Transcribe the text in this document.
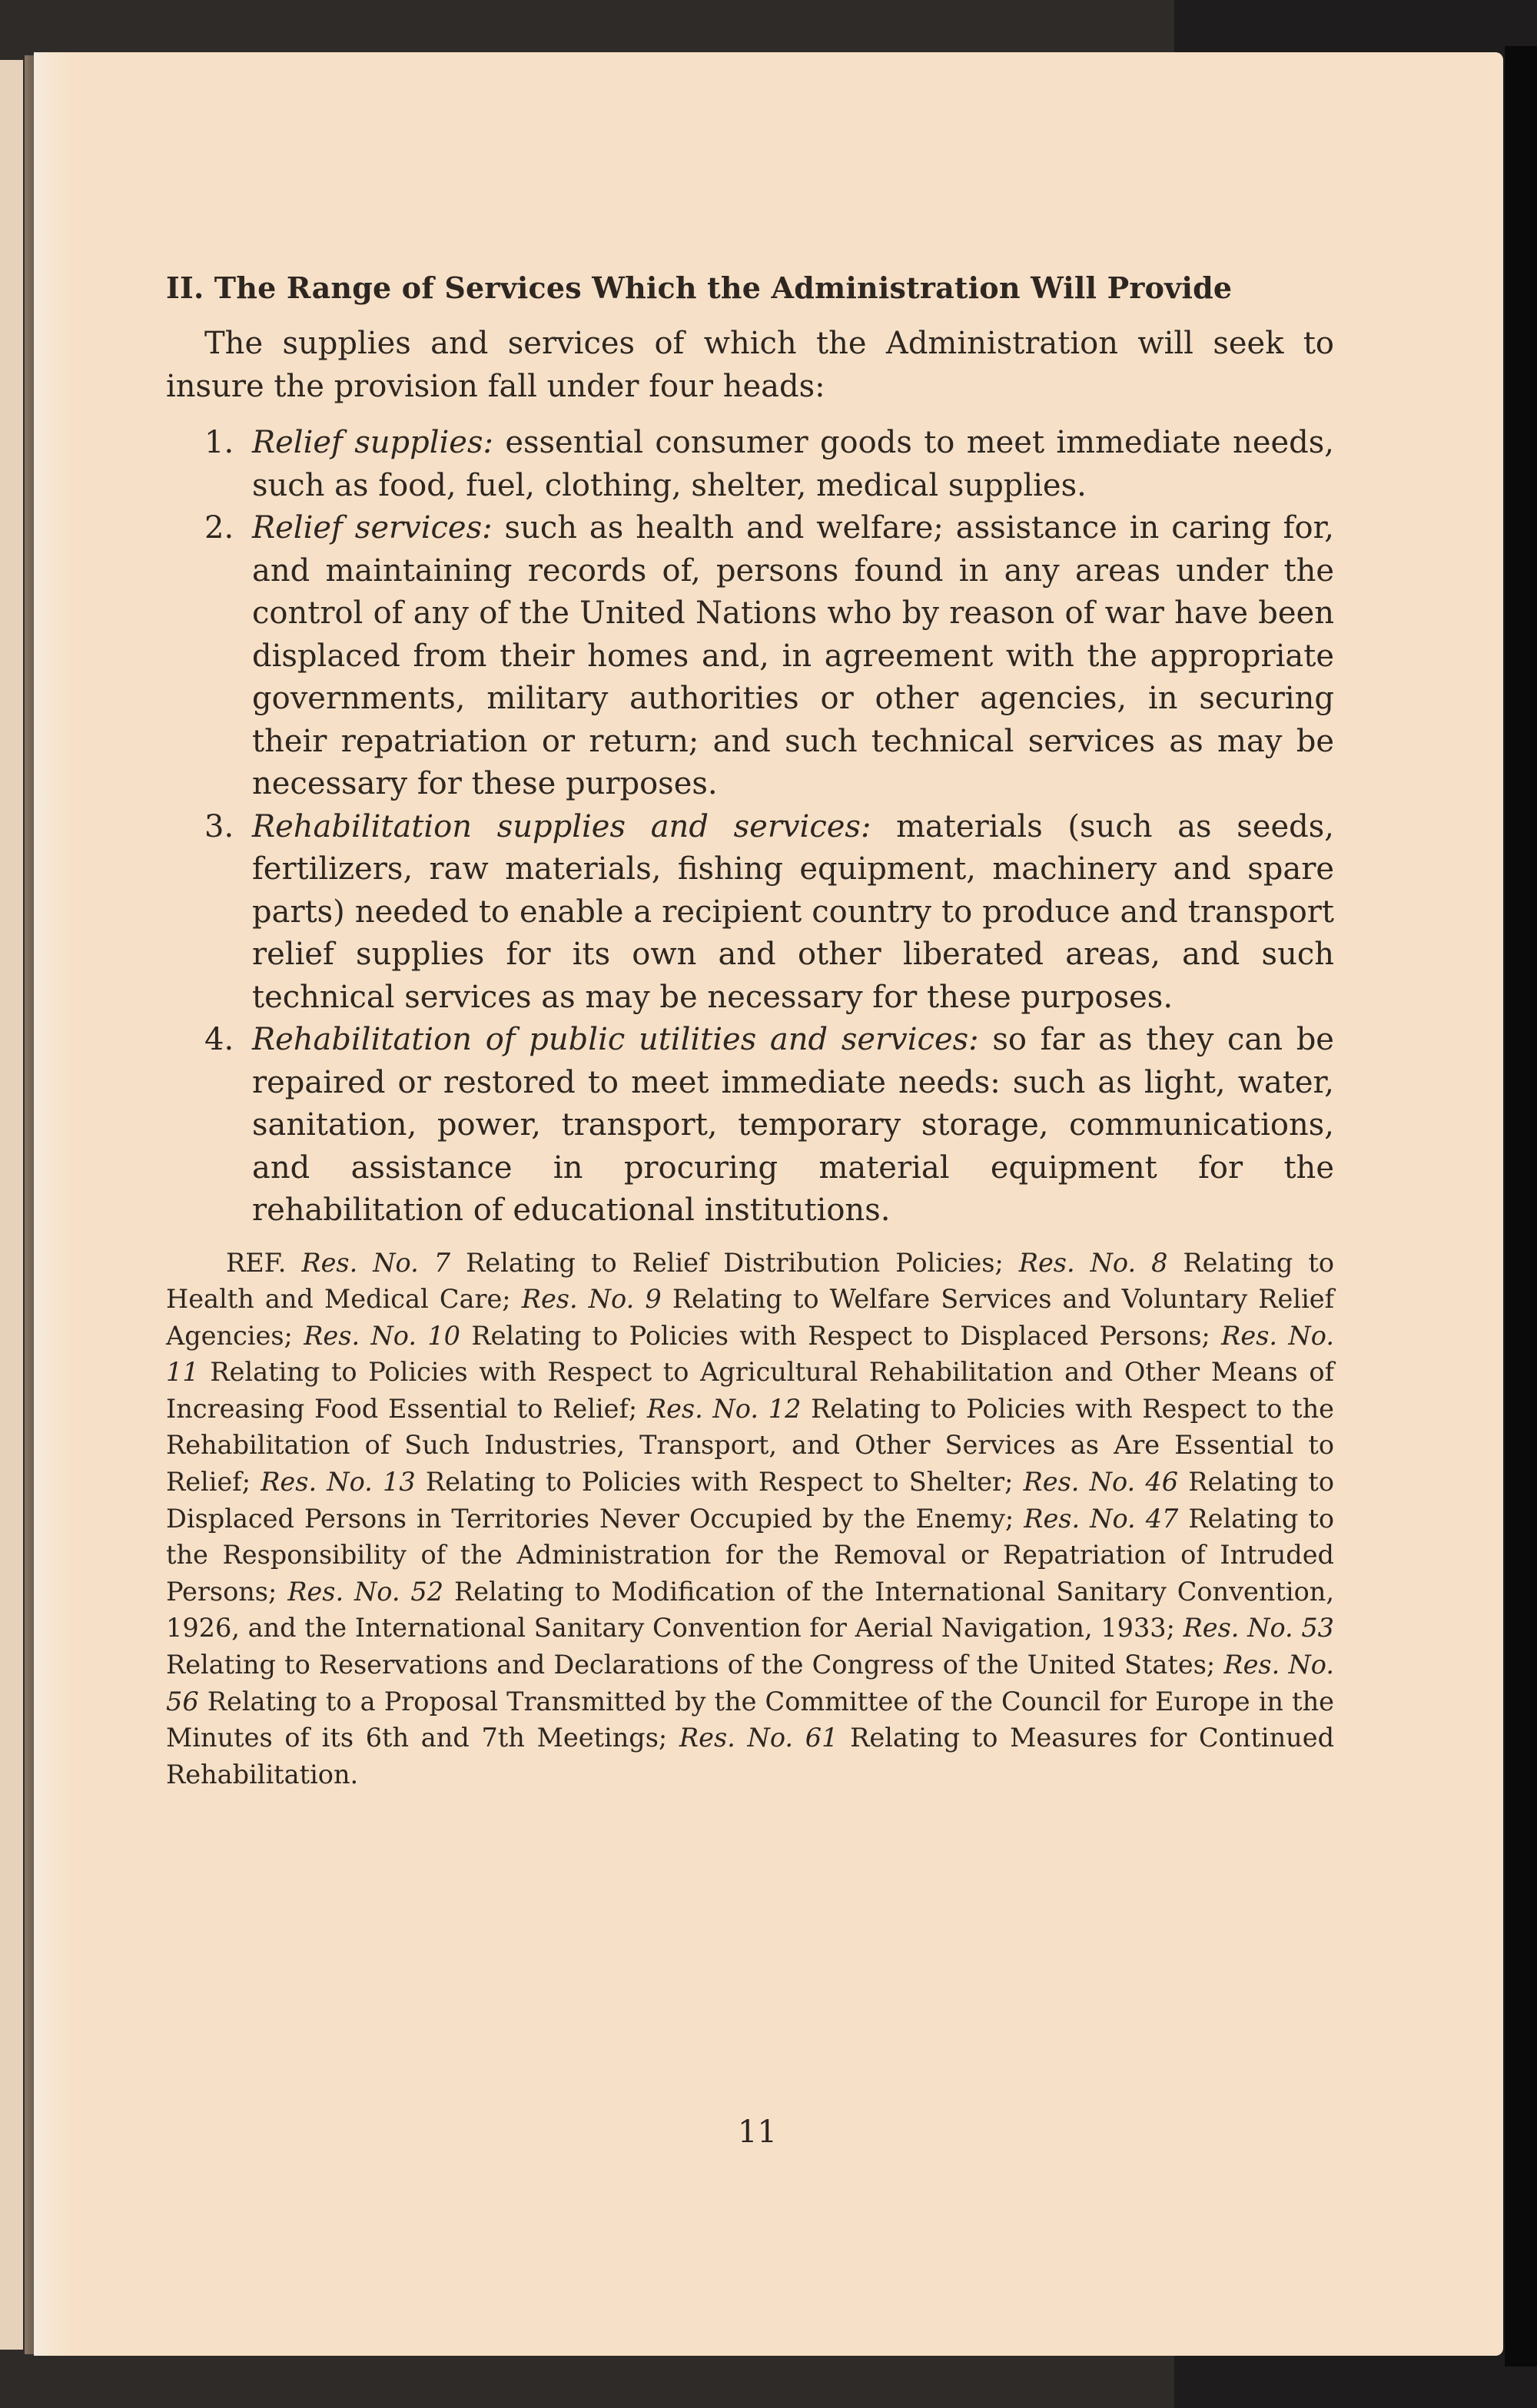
II. The Range of Services Which the Administration Will Provide

The supplies and services of which the Administration will seek to insure the provision fall under four heads:

1. Relief supplies: essential consumer goods to meet immediate needs, such as food, fuel, clothing, shelter, medical supplies.
2. Relief services: such as health and welfare; assistance in caring for, and maintaining records of, persons found in any areas under the control of any of the United Nations who by reason of war have been displaced from their homes and, in agreement with the appropriate governments, military authorities or other agencies, in securing their repatriation or return; and such technical services as may be necessary for these purposes.
3. Rehabilitation supplies and services: materials (such as seeds, fertilizers, raw materials, fishing equipment, machinery and spare parts) needed to enable a recipient country to produce and transport relief supplies for its own and other liberated areas, and such technical services as may be necessary for these purposes.
4. Rehabilitation of public utilities and services: so far as they can be repaired or restored to meet immediate needs: such as light, water, sanitation, power, transport, temporary storage, communications, and assistance in procuring material equipment for the rehabilitation of educational institutions.

REF. Res. No. 7 Relating to Relief Distribution Policies; Res. No. 8 Relating to Health and Medical Care; Res. No. 9 Relating to Welfare Services and Voluntary Relief Agencies; Res. No. 10 Relating to Policies with Respect to Displaced Persons; Res. No. 11 Relating to Policies with Respect to Agricultural Rehabilitation and Other Means of Increasing Food Essential to Relief; Res. No. 12 Relating to Policies with Respect to the Rehabilitation of Such Industries, Transport, and Other Services as Are Essential to Relief; Res. No. 13 Relating to Policies with Respect to Shelter; Res. No. 46 Relating to Displaced Persons in Territories Never Occupied by the Enemy; Res. No. 47 Relating to the Responsibility of the Administration for the Removal or Repatriation of Intruded Persons; Res. No. 52 Relating to Modification of the International Sanitary Convention, 1926, and the International Sanitary Convention for Aerial Navigation, 1933; Res. No. 53 Relating to Reservations and Declarations of the Congress of the United States; Res. No. 56 Relating to a Proposal Transmitted by the Committee of the Council for Europe in the Minutes of its 6th and 7th Meetings; Res. No. 61 Relating to Measures for Continued Rehabilitation.

11
